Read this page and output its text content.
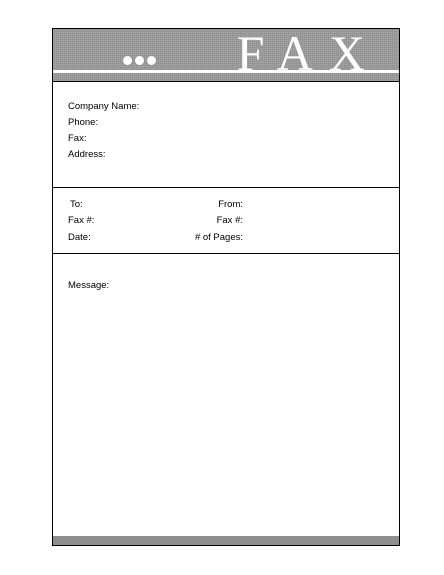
FAX
Company Name:
Phone:
Fax:
Address:
To:
Fax #:
Date:
From:
Fax #:
# of Pages:
Message:
